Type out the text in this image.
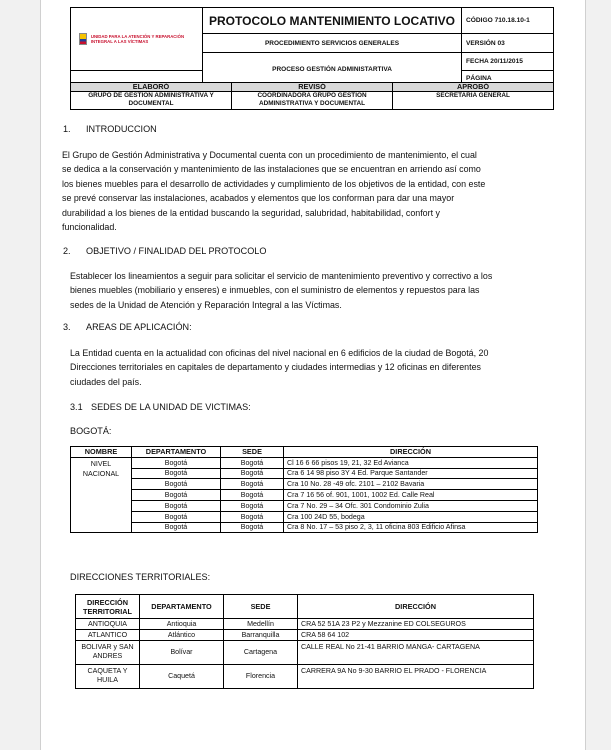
UNIDAD PARA LA ATENCIÓN Y REPARACIÓN INTEGRAL A LAS VÍCTIMAS	PROTOCOLO MANTENIMIENTO LOCATIVO	CÓDIGO 710.18.10-1
	PROCEDIMIENTO SERVICIOS GENERALES	VERSIÓN 03
	PROCESO GESTIÓN ADMINISTARTIVA	FECHA 20/11/2015
		PÁGINA
ELABORÓ	REVISÓ	APROBÓ
GRUPO DE GESTIÓN ADMINISTRATIVA Y DOCUMENTAL	COORDINADORA GRUPO GESTIÓN ADMINISTRATIVA Y DOCUMENTAL	SECRETARIA GENERAL
1. INTRODUCCION
El Grupo de Gestión Administrativa y Documental cuenta con un procedimiento de mantenimiento, el cual
se dedica a la conservación y mantenimiento de las instalaciones que se encuentran en arriendo así como
los bienes muebles para el desarrollo de actividades y cumplimiento de los objetivos de la entidad, con este
se prevé conservar las instalaciones, acabados y elementos que los conforman para dar una mayor
durabilidad a los bienes de la entidad buscando la seguridad, salubridad, habitabilidad, confort y
funcionalidad.
2. OBJETIVO / FINALIDAD DEL PROTOCOLO
Establecer los lineamientos a seguir para solicitar el servicio de mantenimiento preventivo y correctivo a los
bienes muebles (mobiliario y enseres) e inmuebles, con el suministro de elementos y repuestos para las
sedes de la Unidad de Atención y Reparación Integral a las Víctimas.
3. AREAS DE APLICACIÓN:
La Entidad cuenta en la actualidad con oficinas del nivel nacional en 6 edificios de la ciudad de Bogotá, 20
Direcciones territoriales en capitales de departamento y ciudades intermedias y 12 oficinas en diferentes
ciudades del país.
3.1 SEDES DE LA UNIDAD DE VICTIMAS:
BOGOTÁ:
NOMBRE	DEPARTAMENTO	SEDE	DIRECCIÓN

NIVEL
NACIONAL	Bogotá	Bogotá	Cl 16 6 66 pisos 19, 21, 32 Ed Avianca
	Bogotá	Bogotá	Cra 6 14 98 piso 3Y 4 Ed. Parque Santander
	Bogotá	Bogotá	Cra 10 No. 28 -49 ofc. 2101 – 2102 Bavaria
	Bogotá	Bogotá	Cra 7 16 56 of. 901, 1001, 1002 Ed. Calle Real
	Bogotá	Bogotá	Cra 7 No. 29 – 34 Ofc. 301 Condominio Zulia
	Bogotá	Bogotá	Cra 100 24D 55, bodega
	Bogotá	Bogotá	Cra 8 No. 17 – 53 piso 2, 3, 11 oficina 803 Edificio Afinsa
DIRECCIONES TERRITORIALES:
DIRECCIÓN TERRITORIAL	DEPARTAMENTO	SEDE	DIRECCIÓN
ANTIOQUIA	Antioquia	Medellín	CRA 52 51A 23 P2 y Mezzanine ED COLSEGUROS
ATLANTICO	Atlántico	Barranquilla	CRA 58 64 102
BOLIVAR y SAN ANDRES	Bolívar	Cartagena	CALLE REAL No 21-41 BARRIO MANGA- CARTAGENA
CAQUETA Y HUILA	Caquetá	Florencia	CARRERA 9A No 9-30 BARRIO EL PRADO - FLORENCIA
